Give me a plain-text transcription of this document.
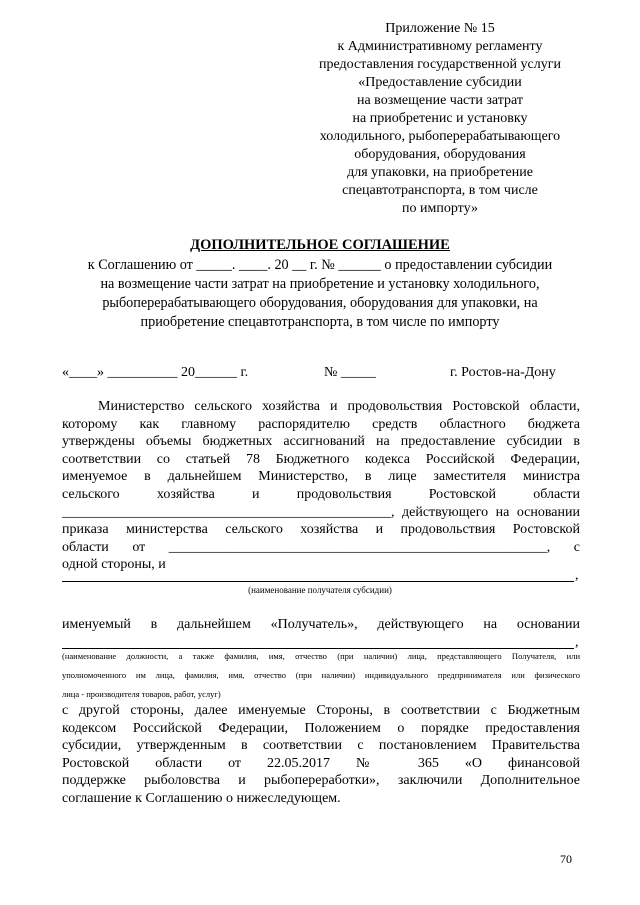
Приложение № 15
к Административному регламенту
предоставления государственной услуги
«Предоставление субсидии
на возмещение части затрат
на приобретенис и установку
холодильного, рыбоперерабатывающего
оборудования, оборудования
для упаковки, на приобретение
спецавтотранспорта, в том числе
по импорту»
ДОПОЛНИТЕЛЬНОЕ СОГЛАШЕНИЕ
к Соглашению от _____. ____. 20 __ г. № ______ о предоставлении субсидии
на возмещение части затрат на приобретение и установку холодильного,
рыбоперерабатывающего оборудования, оборудования для упаковки, на
приобретение спецавтотранспорта, в том числе по импорту
«____» __________ 20______ г.	№ _____	г. Ростов-на-Дону
Министерство сельского хозяйства и продовольствия Ростовской области,
которому как главному распорядителю средств областного бюджета
утверждены объемы бюджетных ассигнований на предоставление субсидии в
соответствии со статьей 78 Бюджетного кодекса Российской Федерации,
именуемое в дальнейшем Министерство, в лице заместителя министра
сельского хозяйства и продовольствия Ростовской области
_______________________________________________, действующего на основании
приказа министерства сельского хозяйства и продовольствия Ростовской
области от ______________________________________________________, с
одной стороны, и
,
(наименование получателя субсидии)
именуемый в дальнейшем «Получатель», действующего на основании
,
(наименование должности, а также фамилия, имя, отчество (при наличии) лица, представляющего Получателя, или
уполномоченного им лица, фамилия, имя, отчество (при наличии) индивидуального предпринимателя или физического
лица - производителя товаров, работ, услуг)
с другой стороны, далее именуемые Стороны, в соответствии с Бюджетным
кодексом Российской Федерации, Положением о порядке предоставления
субсидии, утвержденным в соответствии с постановлением Правительства
Ростовской области от 22.05.2017 № 365 «О финансовой
поддержке рыболовства и рыбопереработки», заключили Дополнительное
соглашение к Соглашению о нижеследующем.
70
